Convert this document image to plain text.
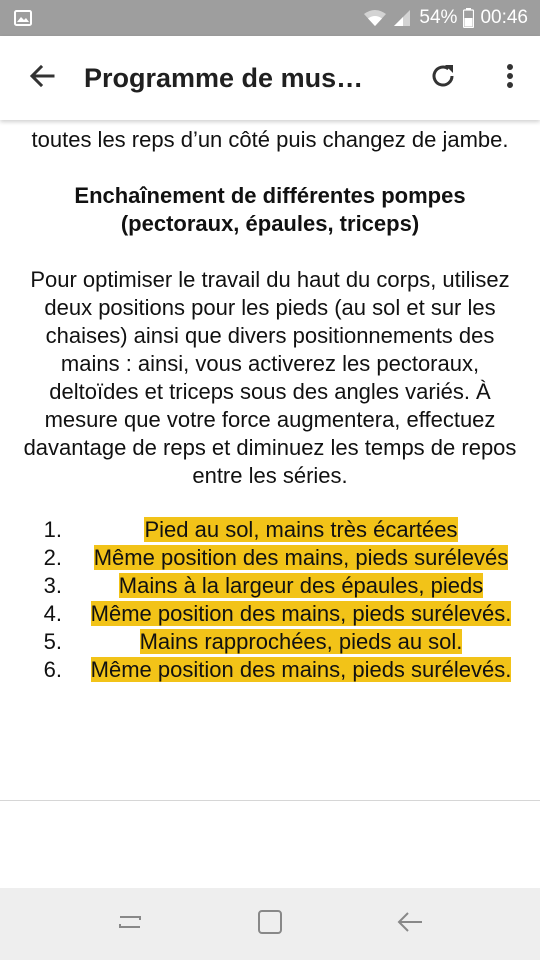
54% 00:46
Programme de mus…

toutes les reps d’un côté puis changez de jambe.

Enchaînement de différentes pompes (pectoraux, épaules, triceps)

Pour optimiser le travail du haut du corps, utilisez deux positions pour les pieds (au sol et sur les chaises) ainsi que divers positionnements des mains : ainsi, vous activerez les pectoraux, deltoïdes et triceps sous des angles variés. À mesure que votre force augmentera, effectuez davantage de reps et diminuez les temps de repos entre les séries.

1.	Pied au sol, mains très écartées
2.	Même position des mains, pieds surélevés
3.	Mains à la largeur des épaules, pieds
4.	Même position des mains, pieds surélevés.
5.	Mains rapprochées, pieds au sol.
6.	Même position des mains, pieds surélevés.
